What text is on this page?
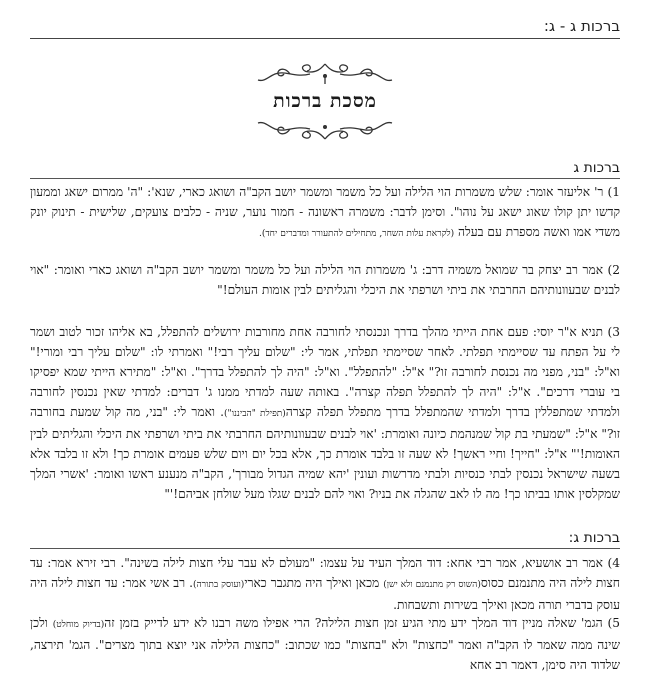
ברכות ג - ג:
מסכת ברכות
ברכות ג
1) ר' אליעזר אומר: שלש משמרות הוי הלילה ועל כל משמר ומשמר יושב הקב"ה ושואג כארי, שנא': "ה' ממרום ישאג וממעון קדשו יתן קולו שאוג ישאג על נוהו". וסימן לדבר: משמרה ראשונה - חמור נוער, שניה - כלבים צועקים, שלישית - תינוק יונק משדי אמו ואשה מספרת עם בעלה (לקראת עלות השחר, מתחילים להתעורר ומדברים יחד).
2) אמר רב יצחק בר שמואל משמיה דרב: ג' משמרות הוי הלילה ועל כל משמר ומשמר יושב הקב"ה ושואג כארי ואומר: "אוי לבנים שבעוונותיהם החרבתי את ביתי ושרפתי את היכלי והגליתים לבין אומות העולם!"
3) תניא א"ר יוסי: פעם אחת הייתי מהלך בדרך ונכנסתי לחורבה אחת מחורבות ירושלים להתפלל, בא אליהו זכור לטוב ושמר לי על הפתח עד שסיימתי תפלתי. לאחר שסיימתי תפלתי, אמר לי: "שלום עליך רבי!" ואמרתי לו: "שלום עליך רבי ומורי!" וא"ל: "בני, מפני מה נכנסת לחורבה זו?" א"ל: "להתפלל". וא"ל: "היה לך להתפלל בדרך". וא"ל: "מתירא הייתי שמא יפסיקו בי עוברי דרכים". א"ל: "היה לך להתפלל תפלה קצרה". באותה שעה למדתי ממנו ג' דברים: למדתי שאין נכנסין לחורבה ולמדתי שמתפללין בדרך ולמדתי שהמתפלל בדרך מתפלל תפלה קצרה(תפילת "הביננו"). ואמר לי: "בני, מה קול שמעת בחורבה זו?" א"ל: "שמעתי בת קול שמנהמת כיונה ואומרת: 'אוי לבנים שבעוונותיהם החרבתי את ביתי ושרפתי את היכלי והגליתים לבין האומות!'" א"ל: "חייך! וחיי ראשך! לא שעה זו בלבד אומרת כך, אלא בכל יום ויום שלש פעמים אומרת כך! ולא זו בלבד אלא בשעה שישראל נכנסין לבתי כנסיות ולבתי מדרשות ועונין 'יהא שמיה הגדול מבורך', הקב"ה מנענע ראשו ואומר: 'אשרי המלך שמקלסין אותו בביתו כך! מה לו לאב שהגלה את בניו? ואוי להם לבנים שגלו מעל שולחן אביהם!'"
ברכות ג:
4) אמר רב אושעיא, אמר רבי אחא: דוד המלך העיד על עצמו: "מעולם לא עבר עלי חצות לילה בשינה". רבי זירא אמר: עד חצות לילה היה מתנמנם כסוס(השוס רק מתנמנם ולא ישן) מכאן ואילך היה מתגבר כארי(ועוסק בתורה). רב אשי אמר: עד חצות לילה היה עוסק בדברי תורה מכאן ואילך בשירות ותשבחות.
5) הגמ' שאלה מניין דוד המלך ידע מתי הגיע זמן חצות הלילה? הרי אפילו משה רבנו לא ידע לדייק בזמן זה(בדיוק מוחלט) ולכן שינה ממה שאמר לו הקב"ה ואמר "כחצות" ולא "בחצות" כמו שכתוב: "כחצות הלילה אני יוצא בתוך מצרים". הגמ' תירצה, שלדוד היה סימן, דאמר רב אחא
